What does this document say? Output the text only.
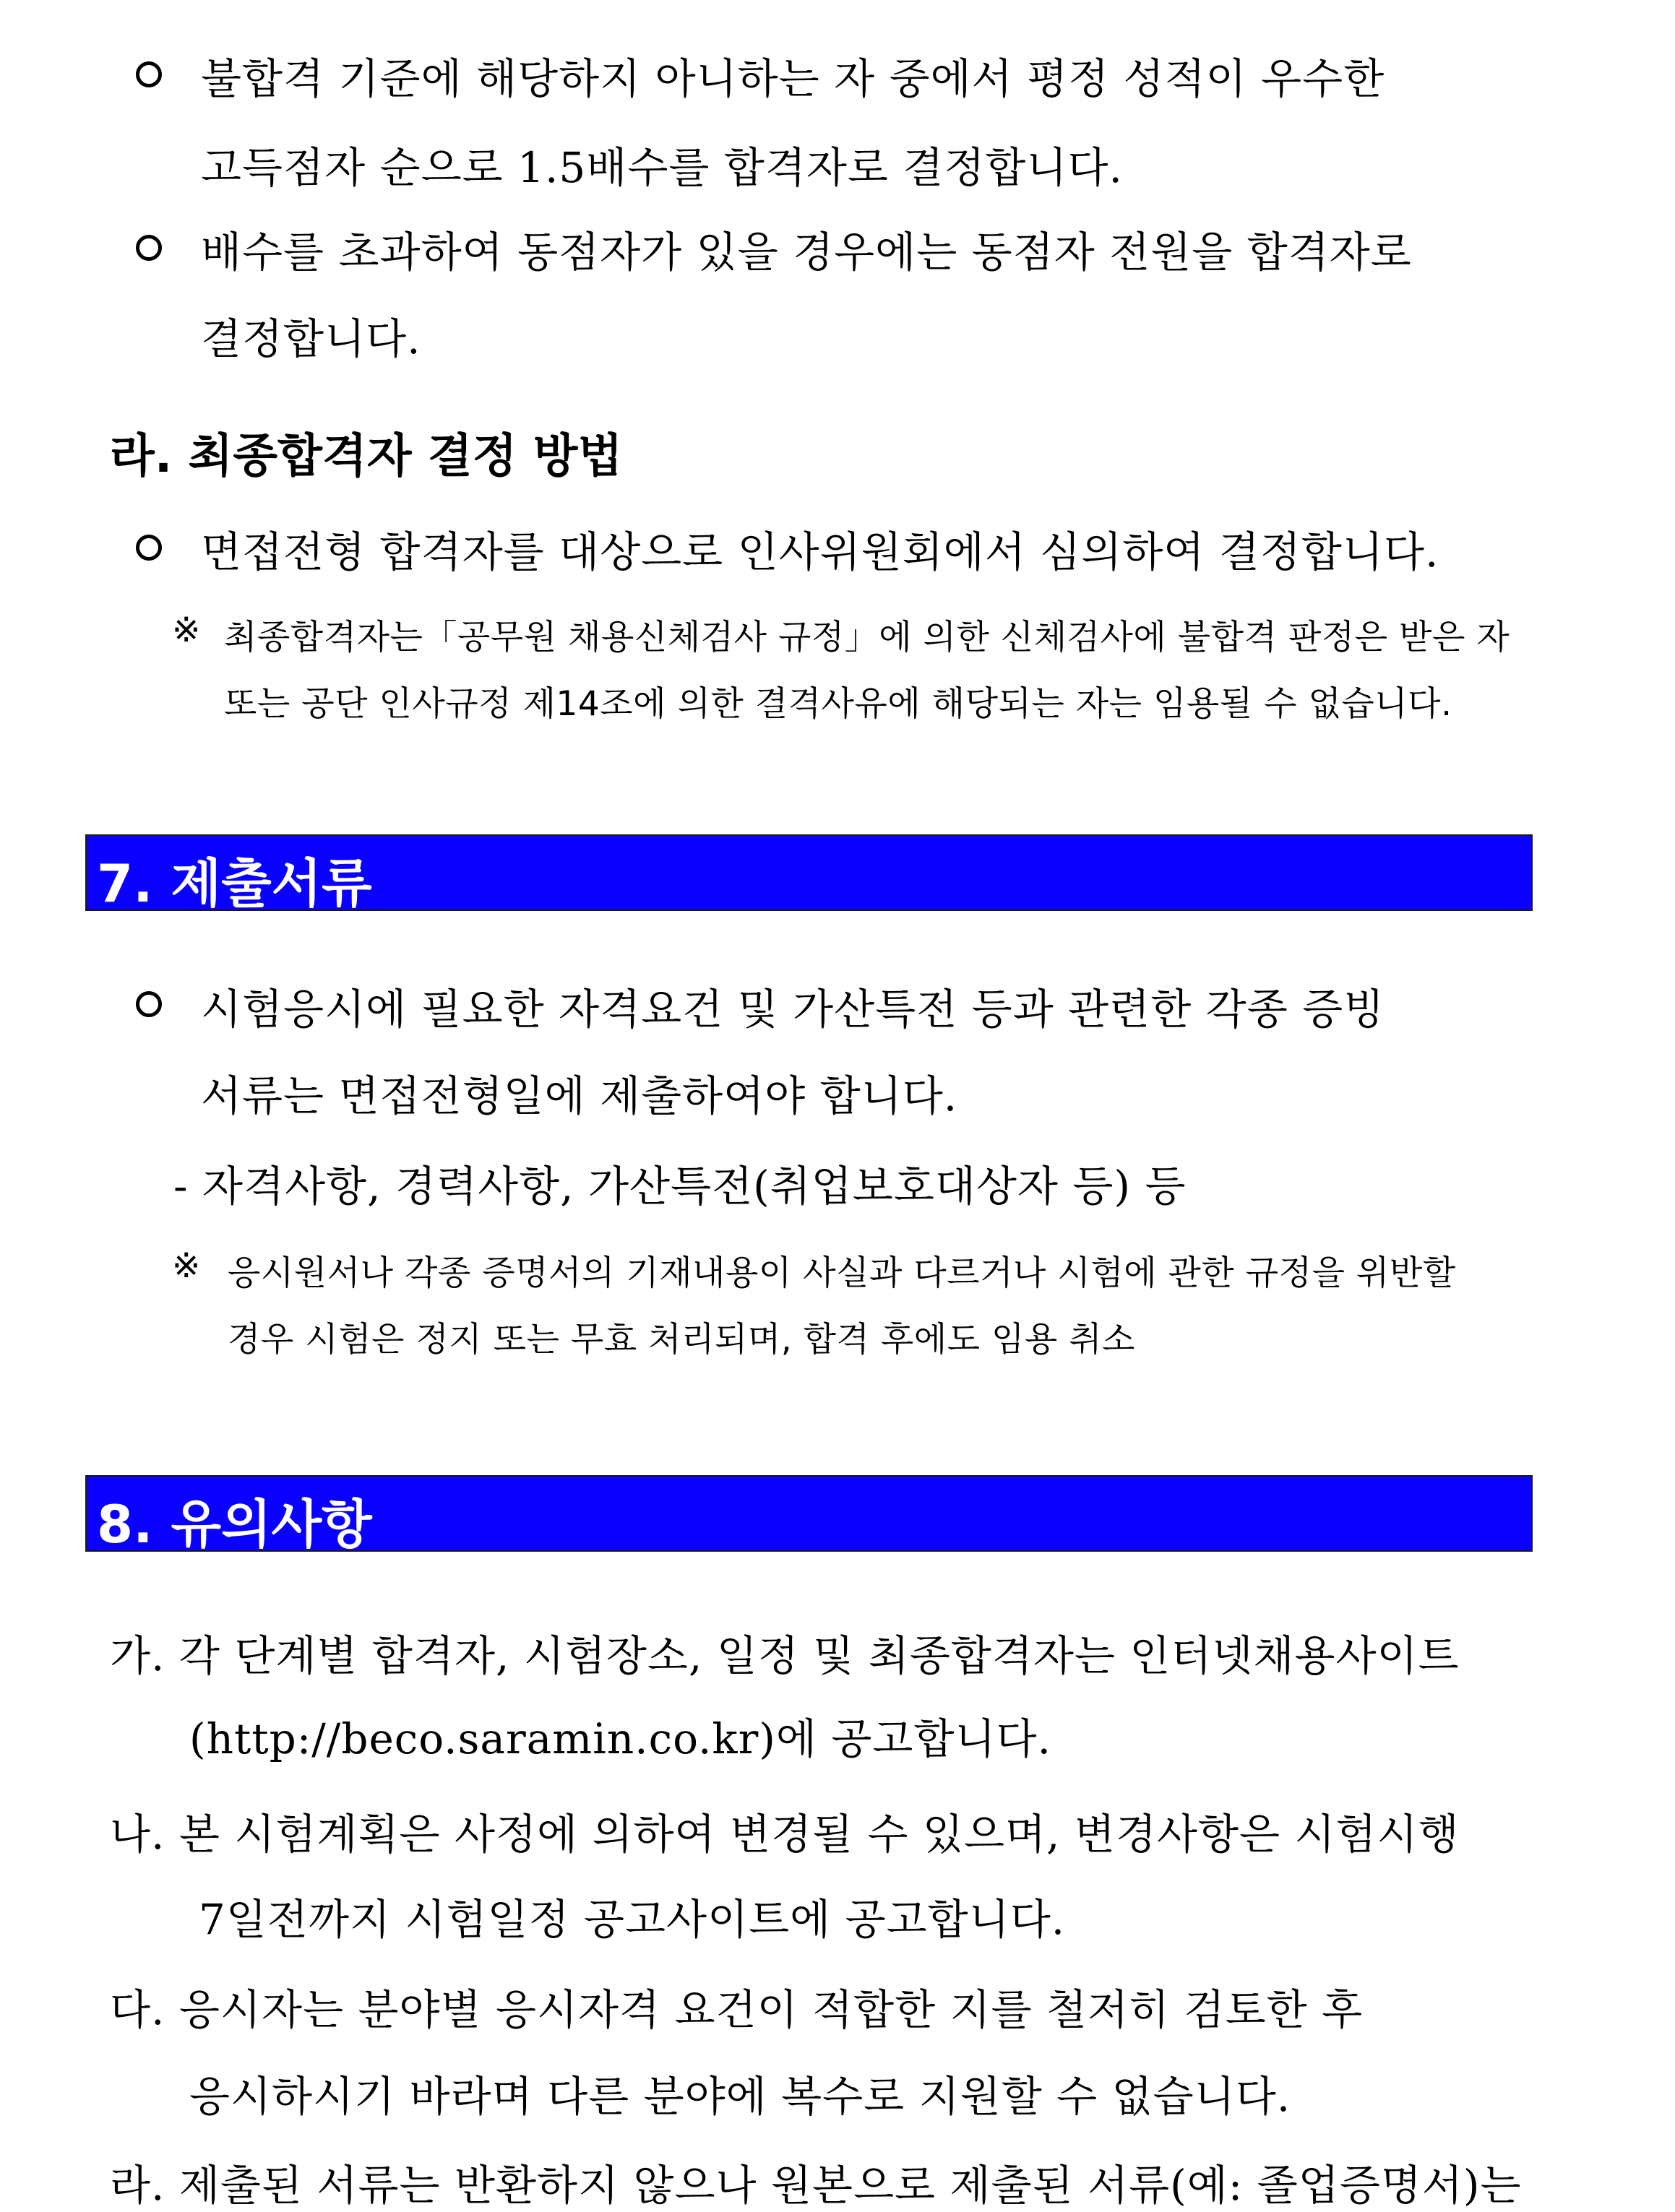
불합격 기준에 해당하지 아니하는 자 중에서 평정 성적이 우수한
고득점자 순으로 1.5배수를 합격자로 결정합니다.
배수를 초과하여 동점자가 있을 경우에는 동점자 전원을 합격자로
결정합니다.
라. 최종합격자 결정 방법
면접전형 합격자를 대상으로 인사위원회에서 심의하여 결정합니다.
※ 최종합격자는「공무원 채용신체검사 규정」에 의한 신체검사에 불합격 판정은 받은 자
또는 공단 인사규정 제14조에 의한 결격사유에 해당되는 자는 임용될 수 없습니다.
7. 제출서류
시험응시에 필요한 자격요건 및 가산특전 등과 관련한 각종 증빙
서류는 면접전형일에 제출하여야 합니다.
- 자격사항, 경력사항, 가산특전(취업보호대상자 등) 등
※ 응시원서나 각종 증명서의 기재내용이 사실과 다르거나 시험에 관한 규정을 위반할
경우 시험은 정지 또는 무효 처리되며, 합격 후에도 임용 취소
8. 유의사항
가. 각 단계별 합격자, 시험장소, 일정 및 최종합격자는 인터넷채용사이트
(http://beco.saramin.co.kr)에 공고합니다.
나. 본 시험계획은 사정에 의하여 변경될 수 있으며, 변경사항은 시험시행
7일전까지 시험일정 공고사이트에 공고합니다.
다. 응시자는 분야별 응시자격 요건이 적합한 지를 철저히 검토한 후
응시하시기 바라며 다른 분야에 복수로 지원할 수 없습니다.
라. 제출된 서류는 반환하지 않으나 원본으로 제출된 서류(예: 졸업증명서)는
